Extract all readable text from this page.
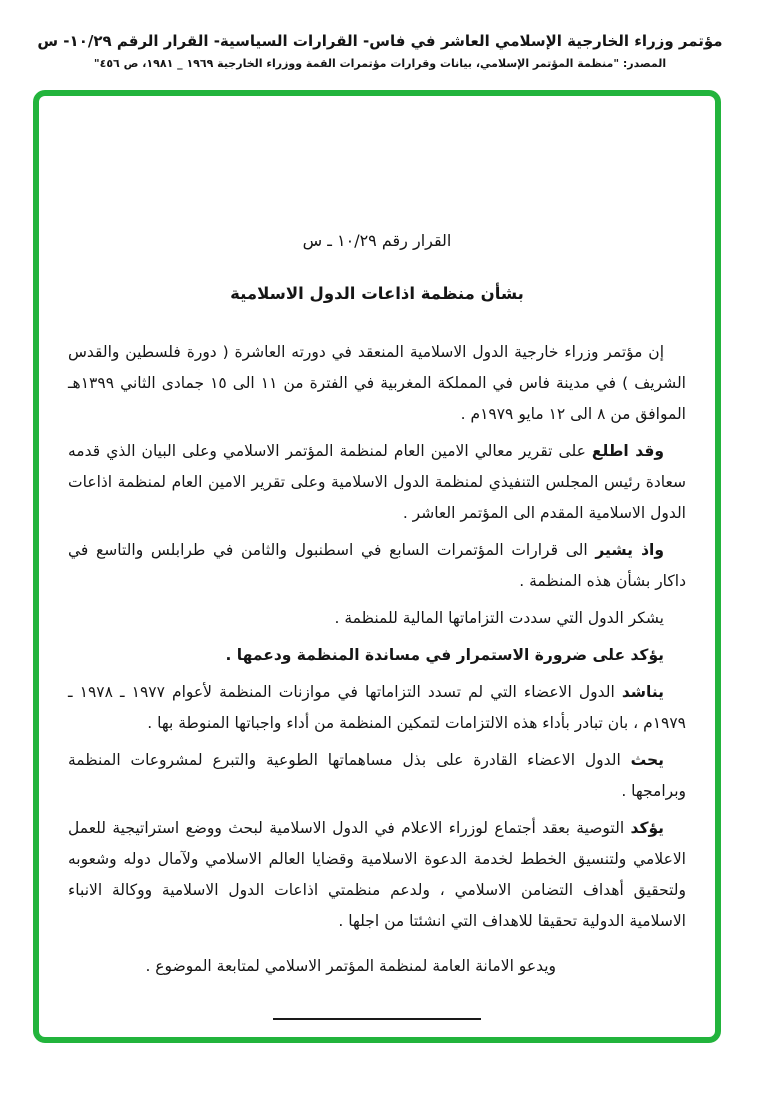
مؤتمر وزراء الخارجية الإسلامي العاشر في فاس- القرارات السياسية- القرار الرقم ١٠/٢٩- س
المصدر: "منظمة المؤتمر الإسلامي، بيانات وقرارات مؤتمرات القمة ووزراء الخارجية ١٩٦٩ _ ١٩٨١، ص ٤٥٦"
القرار رقم ١٠/٢٩ ـ س
بشأن منظمة اذاعات الدول الاسلامية

إن مؤتمر وزراء خارجية الدول الاسلامية المنعقد في دورته العاشرة ( دورة فلسطين والقدس الشريف ) في مدينة فاس في المملكة المغربية في الفترة من ١١ الى ١٥ جمادى الثاني ١٣٩٩هـ الموافق من ٨ الى ١٢ مايو ١٩٧٩م .

وقد اطلع على تقرير معالي الامين العام لمنظمة المؤتمر الاسلامي وعلى البيان الذي قدمه سعادة رئيس المجلس التنفيذي لمنظمة الدول الاسلامية وعلى تقرير الامين العام لمنظمة اذاعات الدول الاسلامية المقدم الى المؤتمر العاشر .

واذ يشير الى قرارات المؤتمرات السابع في اسطنبول والثامن في طرابلس والتاسع في داكار بشأن هذه المنظمة .

يشكر الدول التي سددت التزاماتها المالية للمنظمة .

يؤكد على ضرورة الاستمرار في مساندة المنظمة ودعمها .

يناشد الدول الاعضاء التي لم تسدد التزاماتها في موازنات المنظمة لأعوام ١٩٧٧ ـ ١٩٧٨ ـ ١٩٧٩م ، بان تبادر بأداء هذه الالتزامات لتمكين المنظمة من أداء واجباتها المنوطة بها .

يحث الدول الاعضاء القادرة على بذل مساهماتها الطوعية والتبرع لمشروعات المنظمة وبرامجها .

يؤكد التوصية بعقد أجتماع لوزراء الاعلام في الدول الاسلامية لبحث ووضع استراتيجية للعمل الاعلامي ولتنسيق الخطط لخدمة الدعوة الاسلامية وقضايا العالم الاسلامي ولآمال دوله وشعوبه ولتحقيق أهداف التضامن الاسلامي ، ولدعم منظمتي اذاعات الدول الاسلامية ووكالة الانباء الاسلامية الدولية تحقيقا للاهداف التي انشئتا من اجلها .

ويدعو الامانة العامة لمنظمة المؤتمر الاسلامي لمتابعة الموضوع .
